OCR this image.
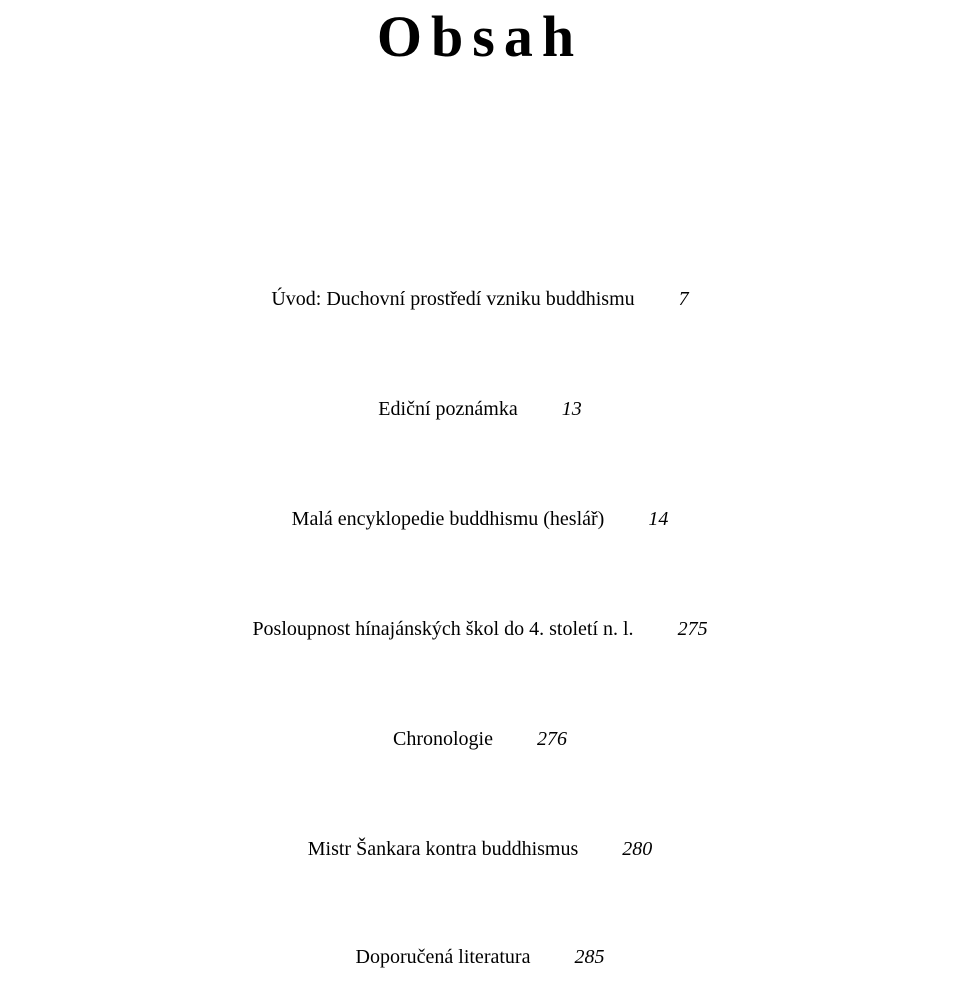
Obsah
Úvod: Duchovní prostředí vzniku buddhismu 7
Ediční poznámka 13
Malá encyklopedie buddhismu (heslář) 14
Posloupnost hínajánských škol do 4. století n. l. 275
Chronologie 276
Mistr Šankara kontra buddhismus 280
Doporučená literatura 285
